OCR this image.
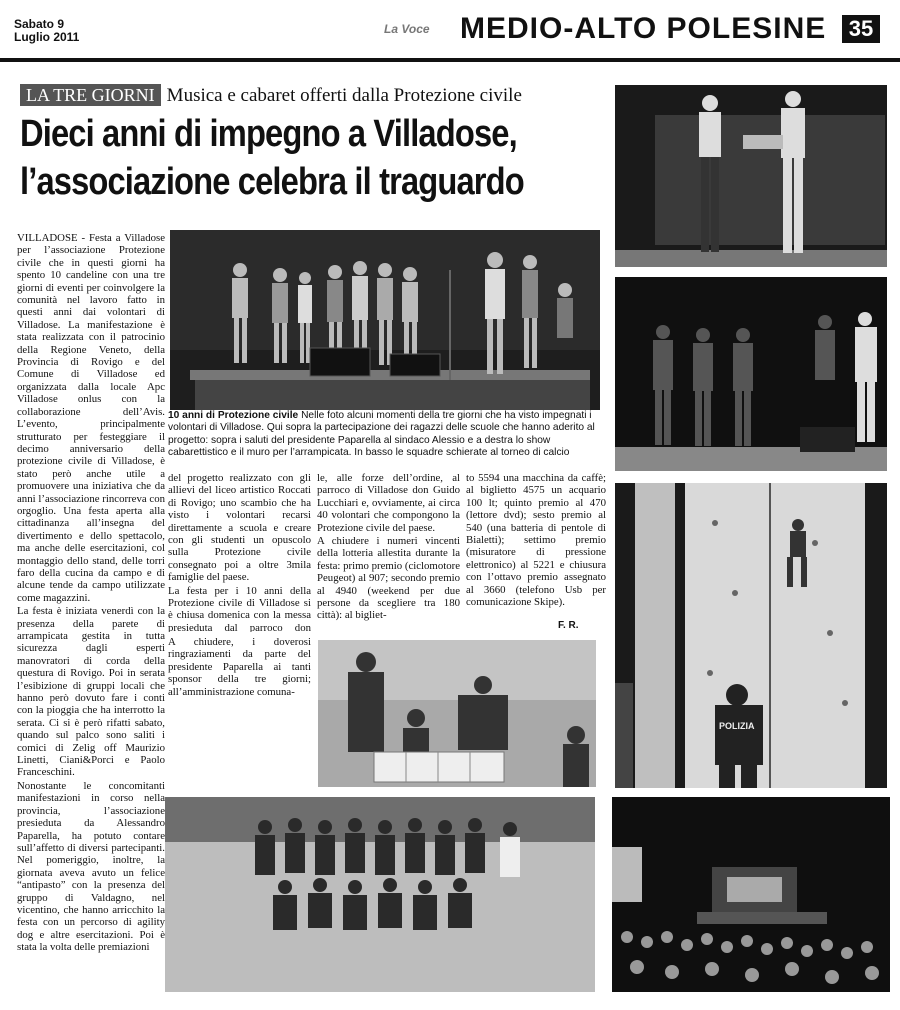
Sabato 9
Luglio 2011
La Voce MEDIO-ALTO POLESINE	35
LA TRE GIORNI Musica e cabaret offerti dalla Protezione civile
Dieci anni di impegno a Villadose,
l’associazione celebra il traguardo

VILLADOSE - Festa a Villadose per l’associazione Protezione civile che in questi giorni ha spento 10 candeline con una tre giorni di eventi per coinvolgere la comunità nel lavoro fatto in questi anni dai volontari di Villadose. La manifestazione è stata realizzata con il patrocinio della Regione Veneto, della Provincia di Rovigo e del Comune di Villadose ed organizzata dalla locale Apc Villadose onlus con la collaborazione dell’Avis. L’evento, principalmente strutturato per festeggiare il decimo anniversario della protezione civile di Villadose, è stato però anche utile a promuovere una iniziativa che da anni l’associazione rincorreva con orgoglio. Una festa aperta alla cittadinanza all’insegna del divertimento e dello spettacolo, ma anche delle esercitazioni, col montaggio dello stand, delle torri faro della cucina da campo e di alcune tende da campo utilizzate come magazzini.

La festa è iniziata venerdì con la presenza della parete di arrampicata gestita in tutta sicurezza dagli esperti manovratori di corda della questura di Rovigo. Poi in serata l’esibizione di gruppi locali che hanno però dovuto fare i conti con la pioggia che ha interrotto la serata. Ci si è però rifatti sabato, quando sul palco sono saliti i comici di Zelig off Maurizio Linetti, Ciani&Porci e Paolo Franceschini.

Nonostante le concomitanti manifestazioni in corso nella provincia, l’associazione presieduta da Alessandro Paparella, ha potuto contare sull’affetto di diversi partecipanti. Nel pomeriggio, inoltre, la giornata aveva avuto un felice “antipasto” con la presenza del gruppo di Valdagno, nel vicentino, che hanno arricchito la festa con un percorso di agility dog e altre esercitazioni. Poi è stata la volta delle premiazioni

10 anni di Protezione civile Nelle foto alcuni momenti della tre giorni che ha visto impegnati i volontari di Villadose. Qui sopra la partecipazione dei ragazzi delle scuole che hanno aderito al progetto: sopra i saluti del presidente Paparella al sindaco Alessio e a destra lo show cabarettistico e il muro per l’arrampicata. In basso le squadre schierate al torneo di calcio

del progetto realizzato con gli allievi del liceo artistico Roccati di Rovigo; uno scambio che ha visto i volontari recarsi direttamente a scuola e creare con gli studenti un opuscolo sulla Protezione civile consegnato poi a oltre 3mila famiglie del paese.

La festa per i 10 anni della Protezione civile di Villadose si è chiusa domenica con la messa presieduta dal parroco don

le, alle forze dell’ordine, al parroco di Villadose don Guido Lucchiari e, ovviamente, ai circa 40 volontari che compongono la Protezione civile del paese.

A chiudere i numeri vincenti della lotteria allestita durante la festa: primo premio (ciclomotore Peugeot) al 907; secondo premio al 4940 (weekend per due persone da scegliere tra 180 città): al bigliet-

to 5594 una macchina da caffè; al biglietto 4575 un acquario 100 lt; quinto premio al 470 (lettore dvd); sesto premio al 540 (una batteria di pentole di Bialetti); settimo premio (misuratore di pressione elettronico) al 5221 e chiusura con l’ottavo premio assegnato al 3660 (telefono Usb per comunicazione Skipe).

F. R.

A chiudere, i doverosi ringraziamenti da parte del presidente Paparella ai tanti sponsor della tre giorni; all’amministrazione comuna-

POLIZIA
